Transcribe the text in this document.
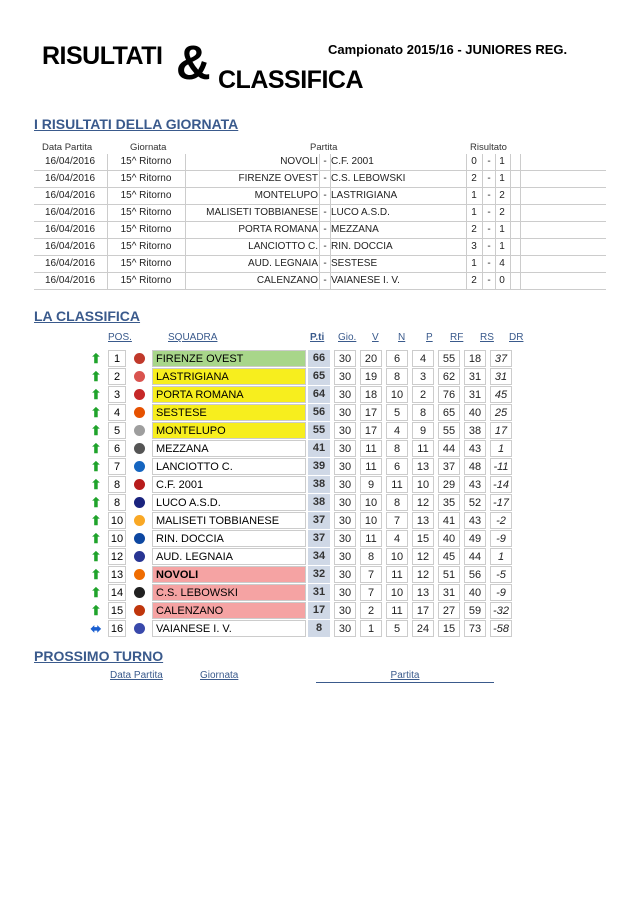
RISULTATI & CLASSIFICA
Campionato 2015/16 - JUNIORES REG.
I RISULTATI DELLA GIORNATA
Data Partita	Giornata	Partita	Risultato
16/04/2016	15^ Ritorno	NOVOLI - C.F. 2001	0	- 1
16/04/2016	15^ Ritorno	FIRENZE OVEST - C.S. LEBOWSKI	2	- 1
16/04/2016	15^ Ritorno	MONTELUPO - LASTRIGIANA	1	- 2
16/04/2016	15^ Ritorno	MALISETI TOBBIANESE - LUCO A.S.D.	1	- 2
16/04/2016	15^ Ritorno	PORTA ROMANA - MEZZANA	2	- 1
16/04/2016	15^ Ritorno	LANCIOTTO C. - RIN. DOCCIA	3	- 1
16/04/2016	15^ Ritorno	AUD. LEGNAIA - SESTESE	1	- 4
16/04/2016	15^ Ritorno	CALENZANO - VAIANESE I. V.	2	- 0
LA CLASSIFICA
POS.	SQUADRA	P.ti Gio. V N P RF RS DR
⬆	1	FIRENZE OVEST	66	30	20	6	4	55	18	37
⬆	2	LASTRIGIANA	65	30	19	8	3	62	31	31
⬆	3	PORTA ROMANA	64	30	18	10	2	76	31	45
⬆	4	SESTESE	56	30	17	5	8	65	40	25
⬆	5	MONTELUPO	55	30	17	4	9	55	38	17
⬆	6	MEZZANA	41	30	11	8	11	44	43	1
⬆	7	LANCIOTTO C.	39	30	11	6	13	37	48	-11
⬆	8	C.F. 2001	38	30	9	11	10	29	43	-14
⬆	8	LUCO A.S.D.	38	30	10	8	12	35	52	-17
⬆ 10	MALISETI TOBBIANESE	37	30	10	7	13	41	43	-2
⬆ 10	RIN. DOCCIA	37	30	11	4	15	40	49	-9
⬆ 12	AUD. LEGNAIA	34	30	8	10	12	45	44	1
⬆ 13	NOVOLI	32	30	7	11	12	51	56	-5
⬆ 14	C.S. LEBOWSKI	31	30	7	10	13	31	40	-9
⬆ 15	CALENZANO	17	30	2	11	17	27	59	-32
⬌ 16	VAIANESE I. V.	8	30	1	5	24	15	73	-58
PROSSIMO TURNO
Data Partita	Giornata	Partita
